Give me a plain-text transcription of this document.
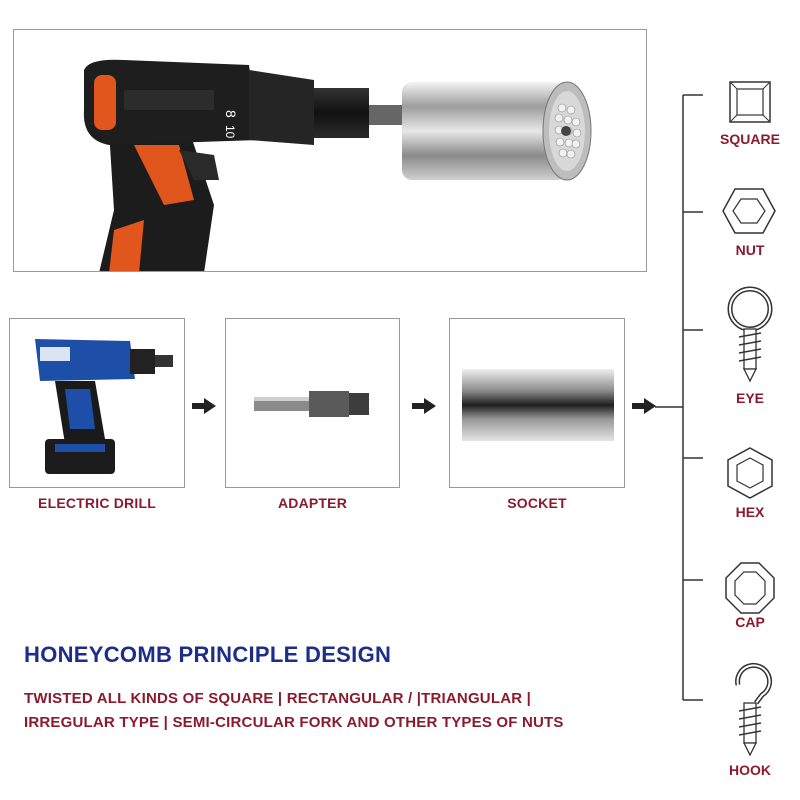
8
10
ELECTRIC DRILL	ADAPTER	SOCKET
SQUARE
NUT
EYE
HEX
CAP
HOOK
HONEYCOMB PRINCIPLE DESIGN
TWISTED ALL KINDS OF SQUARE | RECTANGULAR / |TRIANGULAR |
IRREGULAR TYPE | SEMI-CIRCULAR FORK AND OTHER TYPES OF NUTS
